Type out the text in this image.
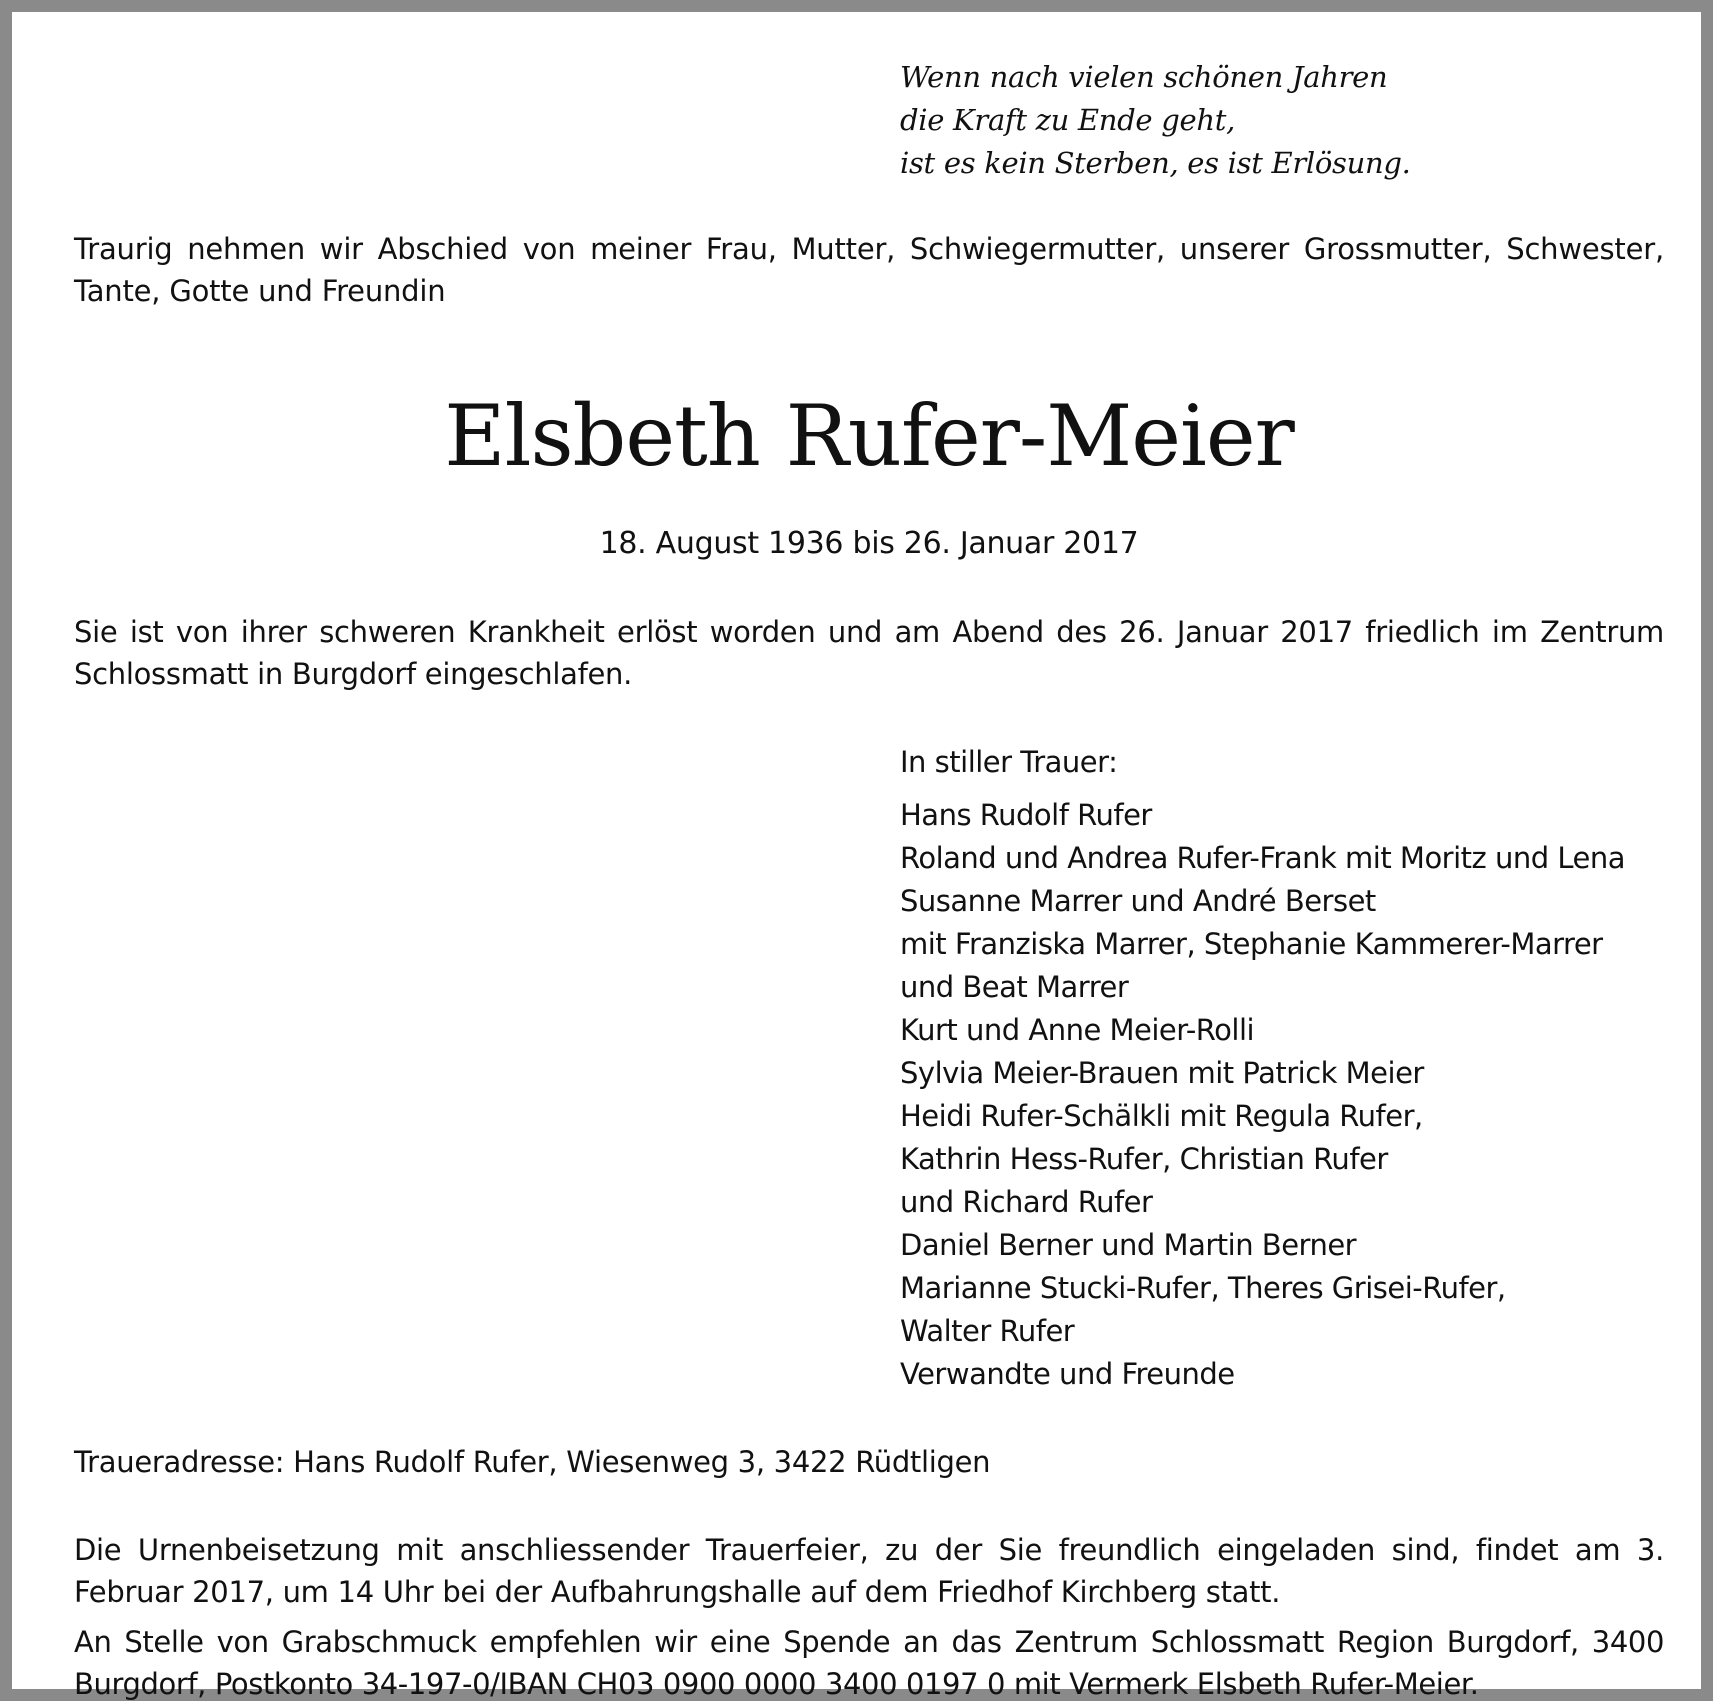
Wenn nach vielen schönen Jahren
die Kraft zu Ende geht,
ist es kein Sterben, es ist Erlösung.

Traurig nehmen wir Abschied von meiner Frau, Mutter, Schwiegermutter, unserer Grossmutter, Schwester, Tante, Gotte und Freundin

Elsbeth Rufer-Meier
18. August 1936 bis 26. Januar 2017

Sie ist von ihrer schweren Krankheit erlöst worden und am Abend des 26. Januar 2017 friedlich im Zentrum Schlossmatt in Burgdorf eingeschlafen.

In stiller Trauer:
Hans Rudolf Rufer
Roland und Andrea Rufer-Frank mit Moritz und Lena
Susanne Marrer und André Berset
mit Franziska Marrer, Stephanie Kammerer-Marrer
und Beat Marrer
Kurt und Anne Meier-Rolli
Sylvia Meier-Brauen mit Patrick Meier
Heidi Rufer-Schälkli mit Regula Rufer,
Kathrin Hess-Rufer, Christian Rufer
und Richard Rufer
Daniel Berner und Martin Berner
Marianne Stucki-Rufer, Theres Grisei-Rufer,
Walter Rufer
Verwandte und Freunde
Traueradresse: Hans Rudolf Rufer, Wiesenweg 3, 3422 Rüdtligen

Die Urnenbeisetzung mit anschliessender Trauerfeier, zu der Sie freundlich eingeladen sind, findet am 3. Februar 2017, um 14 Uhr bei der Aufbahrungshalle auf dem Friedhof Kirchberg statt.

An Stelle von Grabschmuck empfehlen wir eine Spende an das Zentrum Schlossmatt Region Burgdorf, 3400 Burgdorf, Postkonto 34-197-0/IBAN CH03 0900 0000 3400 0197 0 mit Vermerk Elsbeth Rufer-Meier.
